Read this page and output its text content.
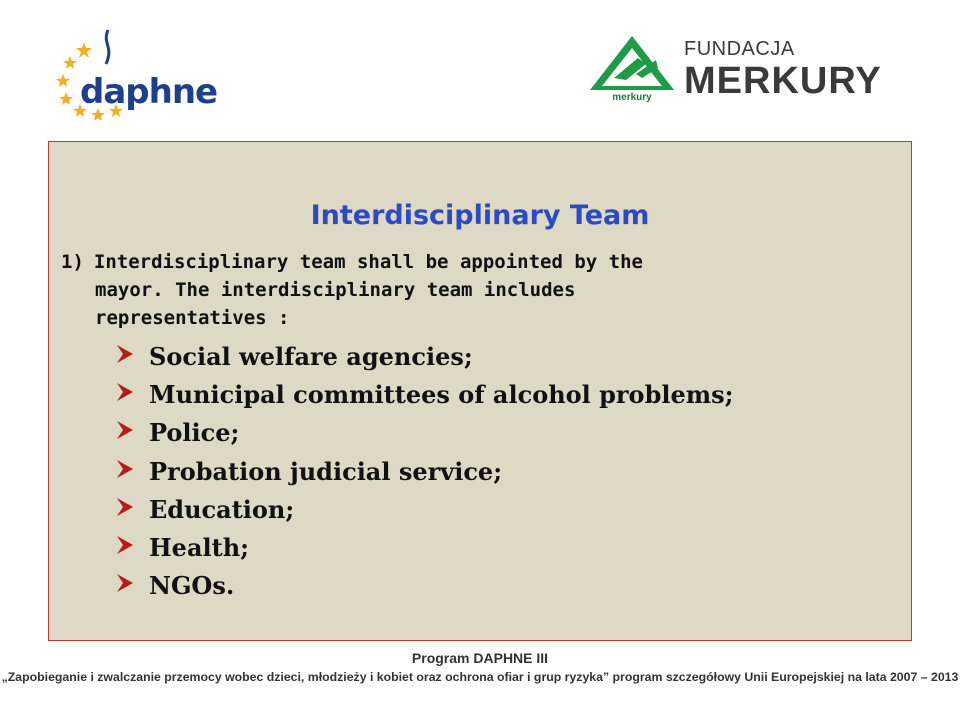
daphne	merkury
FUNDACJA
MERKURY
Interdisciplinary Team
1) Interdisciplinary team shall be appointed by the
mayor. The interdisciplinary team includes
representatives :
Social welfare agencies;
Municipal committees of alcohol problems;
Police;
Probation judicial service;
Education;
Health;
NGOs.
Program DAPHNE III
„Zapobieganie i zwalczanie przemocy wobec dzieci, młodzieży i kobiet oraz ochrona ofiar i grup ryzyka” program szczegółowy Unii Europejskiej na lata 2007 – 2013
